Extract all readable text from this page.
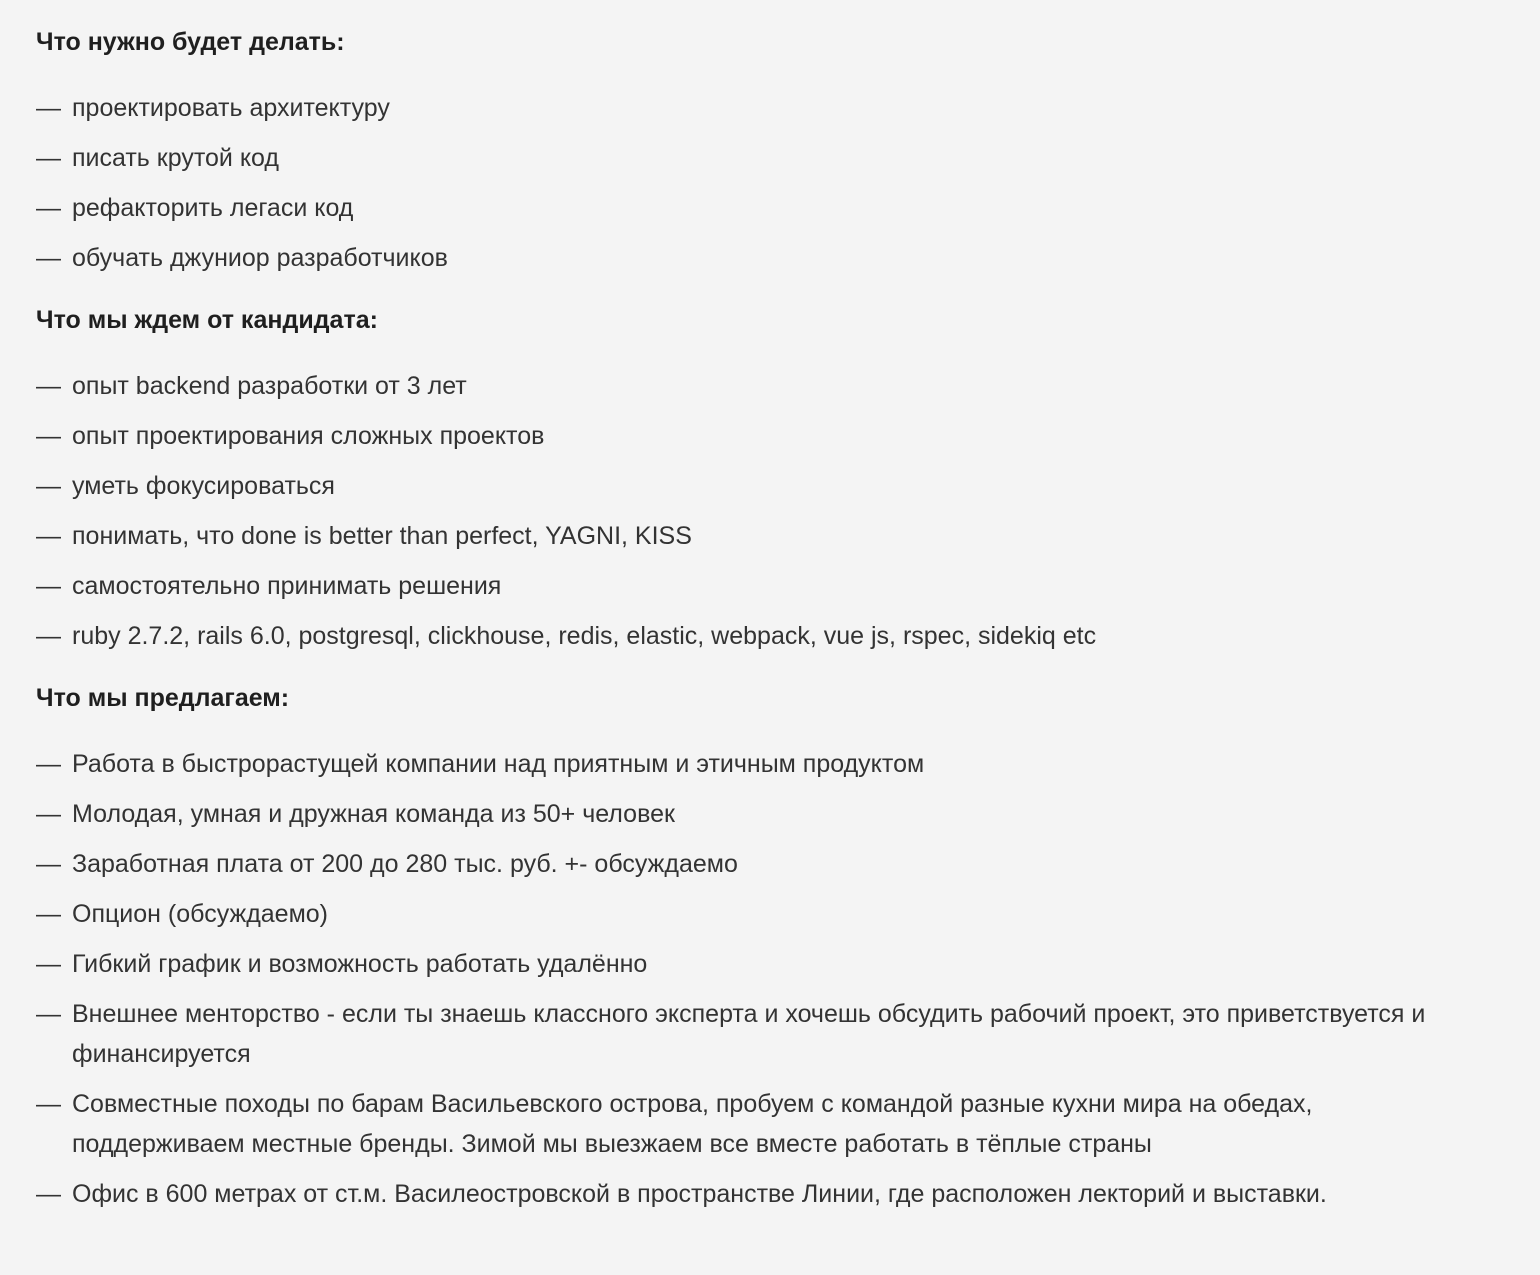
Что нужно будет делать:
— проектировать архитектуру
— писать крутой код
— рефакторить легаси код
— обучать джуниор разработчиков
Что мы ждем от кандидата:
— опыт backend разработки от 3 лет
— опыт проектирования сложных проектов
— уметь фокусироваться
— понимать, что done is better than perfect, YAGNI, KISS
— самостоятельно принимать решения
— ruby 2.7.2, rails 6.0, postgresql, clickhouse, redis, elastic, webpack, vue js, rspec, sidekiq etc
Что мы предлагаем:
— Работа в быстрорастущей компании над приятным и этичным продуктом
— Молодая, умная и дружная команда из 50+ человек
— Заработная плата от 200 до 280 тыс. руб. +- обсуждаемо
— Опцион (обсуждаемо)
— Гибкий график и возможность работать удалённо
— Внешнее менторство - если ты знаешь классного эксперта и хочешь обсудить рабочий проект, это приветствуется и финансируется
— Совместные походы по барам Васильевского острова, пробуем с командой разные кухни мира на обедах, поддерживаем местные бренды. Зимой мы выезжаем все вместе работать в тёплые страны
— Офис в 600 метрах от ст.м. Василеостровской в пространстве Линии, где расположен лекторий и выставки.
